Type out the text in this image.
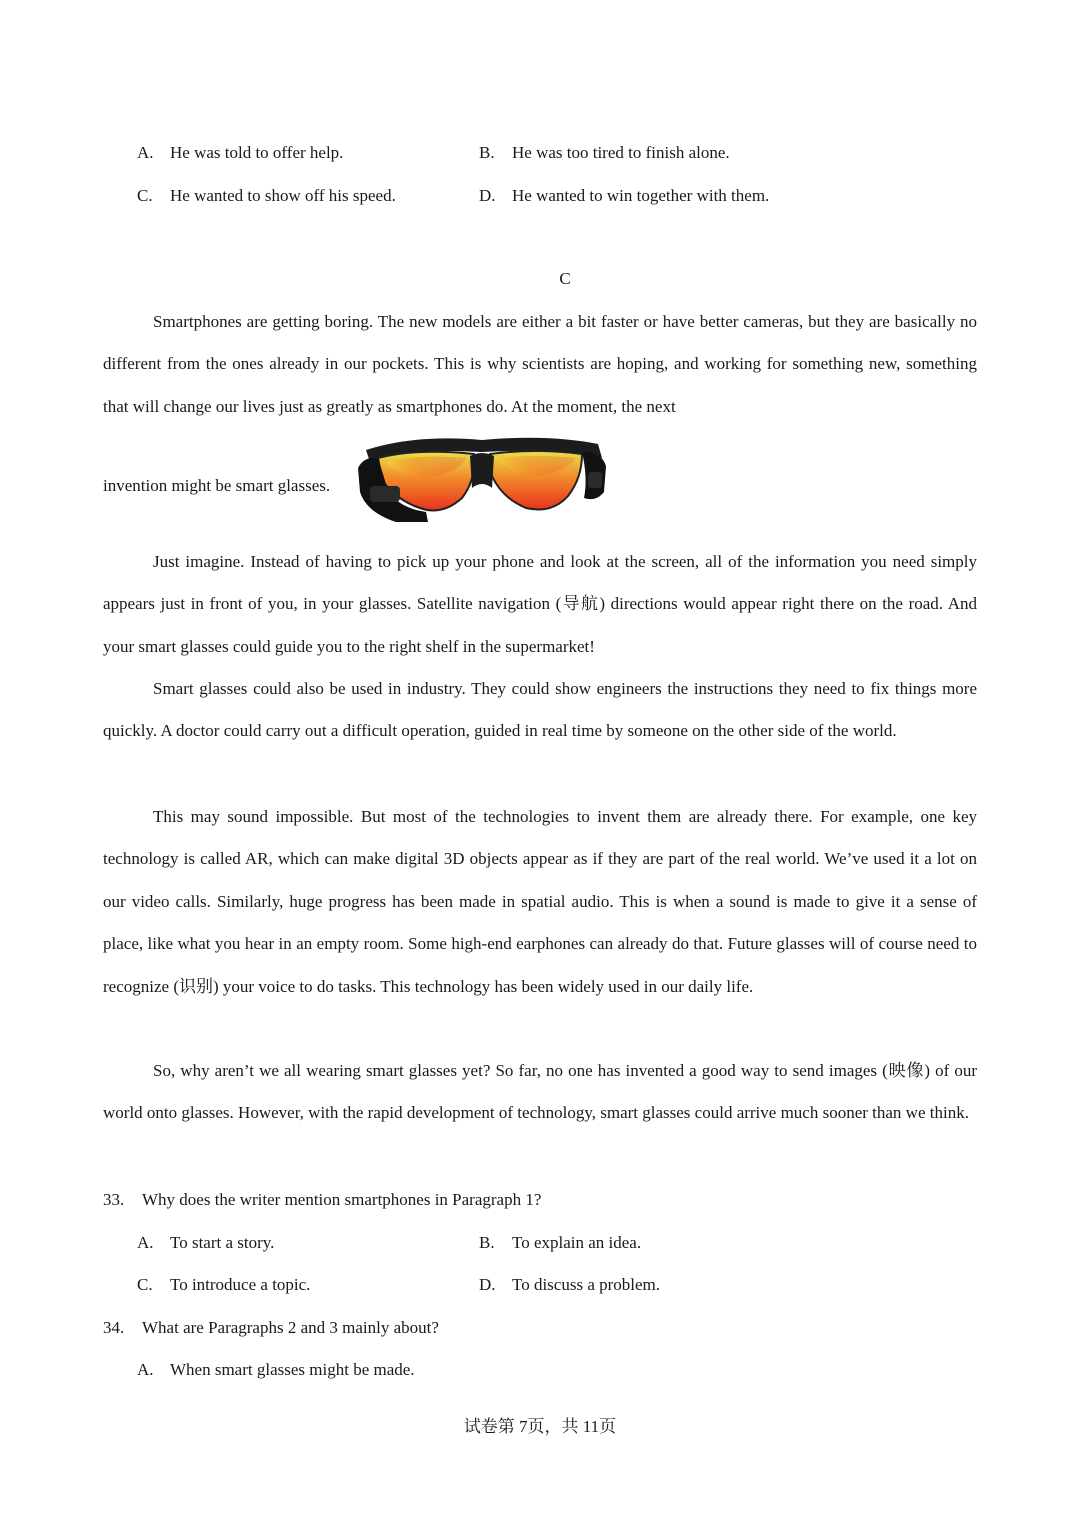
A. He was told to offer help.	B. He was too tired to finish alone.
C. He wanted to show off his speed.	D. He wanted to win together with them.
C
Smartphones are getting boring. The new models are either a bit faster or have better cameras, but they are basically no different from the ones already in our pockets. This is why scientists are hoping, and working for something new, something that will change our lives just as greatly as smartphones do. At the moment, the next
invention might be smart glasses.
Just imagine. Instead of having to pick up your phone and look at the screen, all of the information you need simply appears just in front of you, in your glasses. Satellite navigation (导航) directions would appear right there on the road. And your smart glasses could guide you to the right shelf in the supermarket!
Smart glasses could also be used in industry. They could show engineers the instructions they need to fix things more quickly. A doctor could carry out a difficult operation, guided in real time by someone on the other side of the world.
This may sound impossible. But most of the technologies to invent them are already there. For example, one key technology is called AR, which can make digital 3D objects appear as if they are part of the real world. We’ve used it a lot on our video calls. Similarly, huge progress has been made in spatial audio. This is when a sound is made to give it a sense of place, like what you hear in an empty room. Some high-end earphones can already do that. Future glasses will of course need to recognize (识别) your voice to do tasks. This technology has been widely used in our daily life.
So, why aren’t we all wearing smart glasses yet? So far, no one has invented a good way to send images (映像) of our world onto glasses. However, with the rapid development of technology, smart glasses could arrive much sooner than we think.
33. Why does the writer mention smartphones in Paragraph 1?
A. To start a story.	B. To explain an idea.
C. To introduce a topic.	D. To discuss a problem.
34. What are Paragraphs 2 and 3 mainly about?
A. When smart glasses might be made.
试卷第 7页，共 11页
